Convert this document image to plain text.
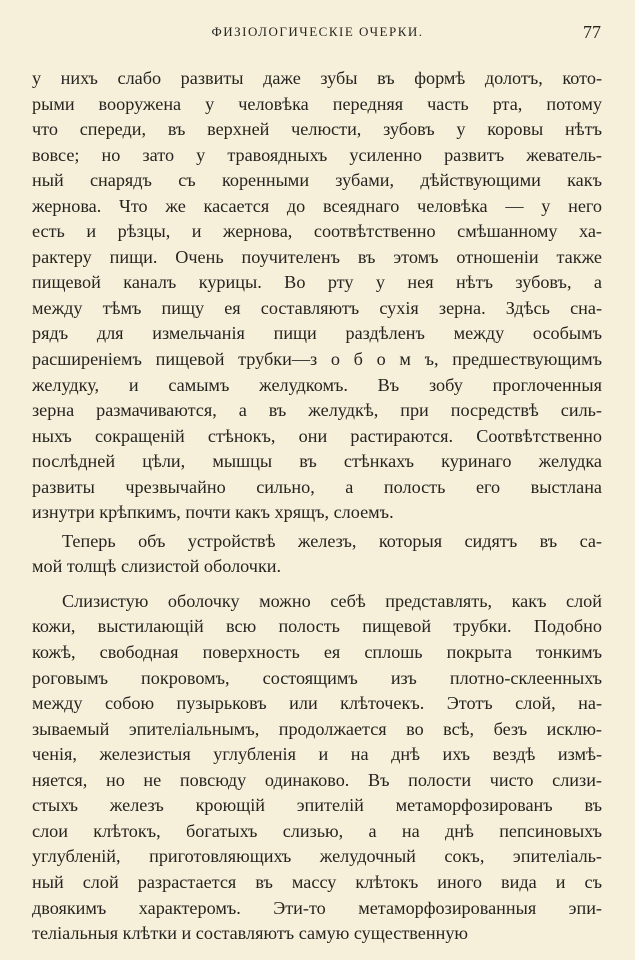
ФИЗІОЛОГИЧЕСКІЕ ОЧЕРКИ.	77
у нихъ слабо развиты даже зубы въ формѣ долотъ, кото-
рыми вооружена у человѣка передняя часть рта, потому
что спереди, въ верхней челюсти, зубовъ у коровы нѣтъ
вовсе; но зато у травоядныхъ усиленно развитъ жеватель-
ный снарядъ съ коренными зубами, дѣйствующими какъ
жернова. Что же касается до всеяднаго человѣка — у него
есть и рѣзцы, и жернова, соотвѣтственно смѣшанному ха-
рактеру пищи. Очень поучителенъ въ этомъ отношеніи также
пищевой каналъ курицы. Во рту у нея нѣтъ зубовъ, а
между тѣмъ пищу ея составляютъ сухія зерна. Здѣсь сна-
рядъ для измельчанія пищи раздѣленъ между особымъ
расширеніемъ пищевой трубки—з о б о м ъ, предшествующимъ
желудку, и самымъ желудкомъ. Въ зобу проглоченныя
зерна размачиваются, а въ желудкѣ, при посредствѣ силь-
ныхъ сокращеній стѣнокъ, они растираются. Соотвѣтственно
послѣдней цѣли, мышцы въ стѣнкахъ куринаго желудка
развиты чрезвычайно сильно, а полость его выстлана
изнутри крѣпкимъ, почти какъ хрящъ, слоемъ.
Теперь объ устройствѣ железъ, которыя сидятъ въ са-
мой толщѣ слизистой оболочки.
Слизистую оболочку можно себѣ представлять, какъ слой
кожи, выстилающій всю полость пищевой трубки. Подобно
кожѣ, свободная поверхность ея сплошь покрыта тонкимъ
роговымъ покровомъ, состоящимъ изъ плотно-склеенныхъ
между собою пузырьковъ или клѣточекъ. Этотъ слой, на-
зываемый эпителіальнымъ, продолжается во всѣ, безъ исклю-
ченія, железистыя углубленія и на днѣ ихъ вездѣ измѣ-
няется, но не повсюду одинаково. Въ полости чисто слизи-
стыхъ железъ кроющій эпителій метаморфозированъ въ
слои клѣтокъ, богатыхъ слизью, а на днѣ пепсиновыхъ
углубленій, приготовляющихъ желудочный сокъ, эпителіаль-
ный слой разрастается въ массу клѣтокъ иного вида и съ
двоякимъ характеромъ. Эти-то метаморфозированныя эпи-
теліальныя клѣтки и составляютъ самую существенную
